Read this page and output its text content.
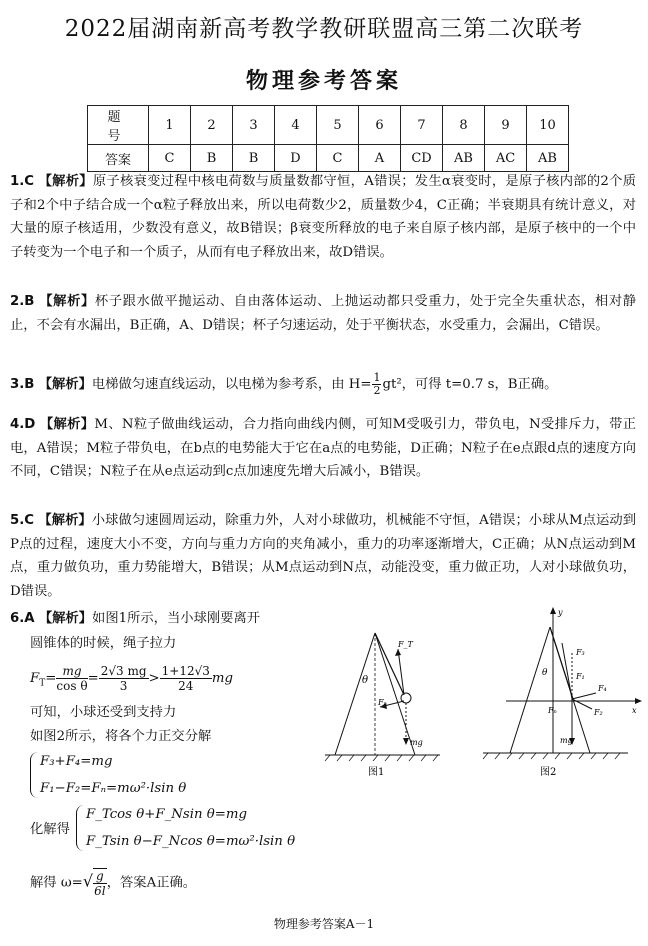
2022届湖南新高考教学教研联盟高三第二次联考
物理参考答案
题　号	1	2	3	4	5	6	7	8	9	10
答案	C	B	B	D	C	A	CD	AB	AC	AB
1.C 【解析】原子核衰变过程中核电荷数与质量数都守恒，A错误；发生α衰变时，是原子核内部的2个质子和2个中子结合成一个α粒子释放出来，所以电荷数少2，质量数少4，C正确；半衰期具有统计意义，对大量的原子核适用，少数没有意义，故B错误；β衰变所释放的电子来自原子核内部，是原子核中的一个中子转变为一个电子和一个质子，从而有电子释放出来，故D错误。
2.B 【解析】杯子跟水做平抛运动、自由落体运动、上抛运动都只受重力，处于完全失重状态，相对静止，不会有水漏出，B正确，A、D错误；杯子匀速运动，处于平衡状态，水受重力，会漏出，C错误。
3.B 【解析】电梯做匀速直线运动，以电梯为参考系，由 $H= \frac{1}{2} gt^2$，可得 t=0.7 s，B正确。
4.D 【解析】M、N粒子做曲线运动，合力指向曲线内侧，可知M受吸引力，带负电，N受排斥力，带正电，A错误；M粒子带负电，在b点的电势能大于它在a点的电势能，D正确；N粒子在e点跟d点的速度方向不同，C错误；N粒子在从e点运动到c点加速度先增大后减小，B错误。
5.C 【解析】小球做匀速圆周运动，除重力外，人对小球做功，机械能不守恒，A错误；小球从M点运动到P点的过程，速度大小不变，方向与重力方向的夹角减小，重力的功率逐渐增大，C正确；从N点运动到M点，重力做负功，重力势能增大，B错误；从M点运动到N点，动能没变，重力做正功，人对小球做负功，D错误。
6.A 【解析】如图1所示，当小球刚要离开
圆锥体的时候，绳子拉力
$F_T= \frac{mg}{\text{cos θ}} = \frac{2√3 mg}{3} > \frac{1+12√3}{24}$ mg
可知，小球还受到支持力
如图2所示，将各个力正交分解
F₃+F₄=mg
F₁−F₂=Fₙ=mω²·lsin θ
化解得
F_Tcos θ+F_Nsin θ=mg
F_Tsin θ−F_Ncos θ=mω²·lsin θ
解得 $\omega=√ \frac{g}{6l}$ ，答案A正确。
θ
F_T
Fₙ
mg
图1
y
x
θ	F₁
F₂
F₃
F₄
Fₙ
mg
图2
物理参考答案A－1
